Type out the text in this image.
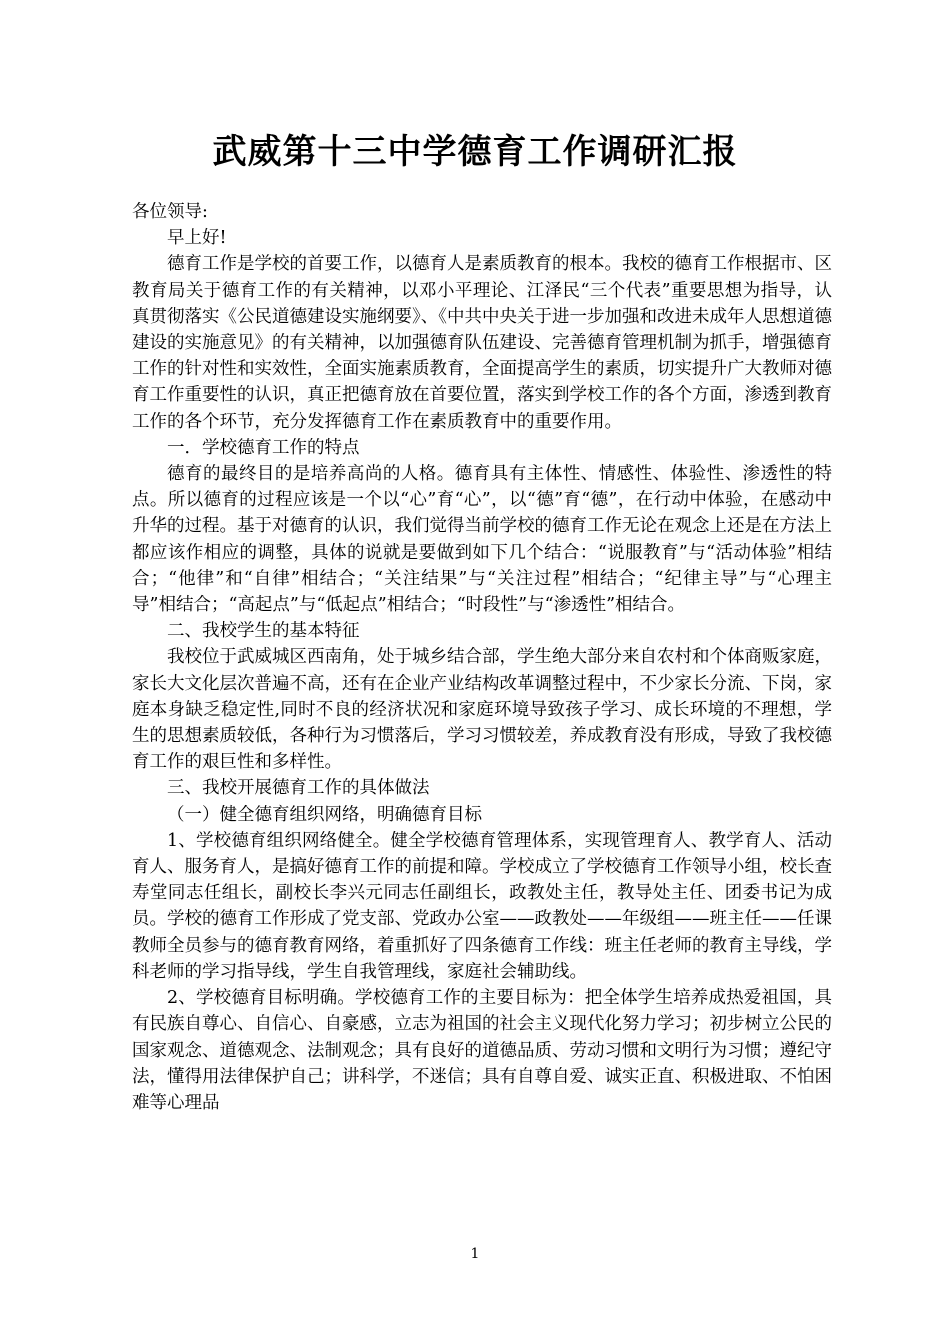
武威第十三中学德育工作调研汇报

各位领导:

早上好!

德育工作是学校的首要工作，以德育人是素质教育的根本。我校的德育工作根据市、区教育局关于德育工作的有关精神，以邓小平理论、江泽民“三个代表”重要思想为指导，认真贯彻落实《公民道德建设实施纲要》、《中共中央关于进一步加强和改进未成年人思想道德建设的实施意见》的有关精神，以加强德育队伍建设、完善德育管理机制为抓手，增强德育工作的针对性和实效性，全面实施素质教育，全面提高学生的素质，切实提升广大教师对德育工作重要性的认识，真正把德育放在首要位置，落实到学校工作的各个方面，渗透到教育工作的各个环节，充分发挥德育工作在素质教育中的重要作用。

一．学校德育工作的特点

德育的最终目的是培养高尚的人格。德育具有主体性、情感性、体验性、渗透性的特点。所以德育的过程应该是一个以“心”育“心”，以“德”育“德”，在行动中体验，在感动中升华的过程。基于对德育的认识，我们觉得当前学校的德育工作无论在观念上还是在方法上都应该作相应的调整，具体的说就是要做到如下几个结合：“说服教育”与“活动体验”相结合；“他律”和“自律”相结合；“关注结果”与“关注过程”相结合；“纪律主导”与“心理主导”相结合；“高起点”与“低起点”相结合；“时段性”与“渗透性”相结合。

二、我校学生的基本特征

我校位于武威城区西南角，处于城乡结合部，学生绝大部分来自农村和个体商贩家庭，家长大文化层次普遍不高，还有在企业产业结构改革调整过程中，不少家长分流、下岗，家庭本身缺乏稳定性,同时不良的经济状况和家庭环境导致孩子学习、成长环境的不理想，学生的思想素质较低，各种行为习惯落后，学习习惯较差，养成教育没有形成，导致了我校德育工作的艰巨性和多样性。

三、我校开展德育工作的具体做法

（一）健全德育组织网络，明确德育目标

1、学校德育组织网络健全。健全学校德育管理体系，实现管理育人、教学育人、活动育人、服务育人，是搞好德育工作的前提和障。学校成立了学校德育工作领导小组，校长查寿堂同志任组长，副校长李兴元同志任副组长，政教处主任，教导处主任、团委书记为成员。学校的德育工作形成了党支部、党政办公室——政教处——年级组——班主任——任课教师全员参与的德育教育网络，着重抓好了四条德育工作线：班主任老师的教育主导线，学科老师的学习指导线，学生自我管理线，家庭社会辅助线。

2、学校德育目标明确。学校德育工作的主要目标为：把全体学生培养成热爱祖国，具有民族自尊心、自信心、自豪感，立志为祖国的社会主义现代化努力学习；初步树立公民的国家观念、道德观念、法制观念；具有良好的道德品质、劳动习惯和文明行为习惯；遵纪守法，懂得用法律保护自己；讲科学，不迷信；具有自尊自爱、诚实正直、积极进取、不怕困难等心理品

1
